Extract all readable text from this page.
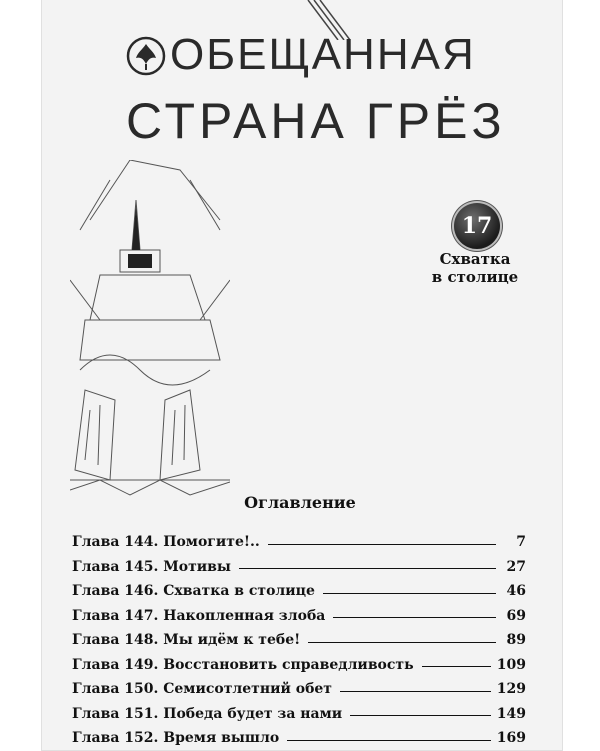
ОБЕЩАННАЯ
СТРАНА ГРЁЗ
17
Схватка
в столице
Оглавление
Глава 144. Помогите!..	7
Глава 145. Мотивы	27
Глава 146. Схватка в столице	46
Глава 147. Накопленная злоба	69
Глава 148. Мы идём к тебе!	89
Глава 149. Восстановить справедливость	109
Глава 150. Семисотлетний обет	129
Глава 151. Победа будет за нами	149
Глава 152. Время вышло	169
